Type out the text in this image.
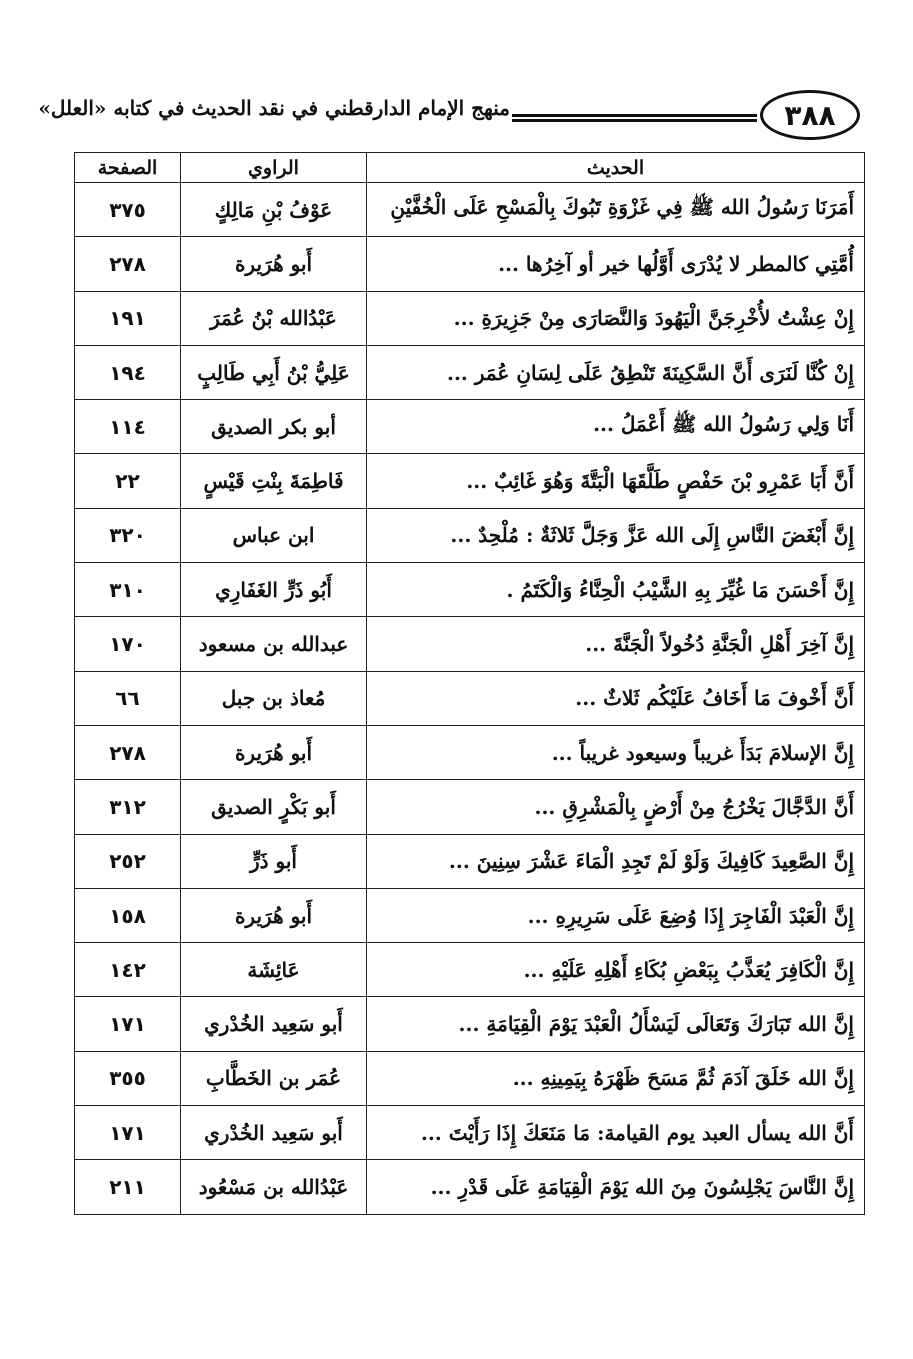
٣٨٨
منهج الإمام الدارقطني في نقد الحديث في كتابه «العلل»
الحديث	الراوي	الصفحة
أَمَرَنَا رَسُولُ الله ﷺ فِي غَزْوَةِ تَبُوكَ بِالْمَسْحِ عَلَى الْخُفَّيْنِ	عَوْفُ بْنِ مَالِكٍ	٣٧٥
أُمَّتِي كالمطر لا يُدْرَى أَوَّلُها خير أو آخِرُها ...	أَبو هُرَيرة	٢٧٨
إِنْ عِشْتُ لأُخْرِجَنَّ الْيَهُودَ وَالنَّصَارَى مِنْ جَزِيرَةِ ...	عَبْدُالله بْنُ عُمَرَ	١٩١
إِنْ كُنَّا لَنَرَى أَنَّ السَّكِينَةَ تَنْطِقُ عَلَى لِسَانِ عُمَر ...	عَلِيُّ بْنُ أَبِي طَالِبٍ	١٩٤
أَنَا وَلِي رَسُولُ الله ﷺ أَعْمَلُ ...	أبو بكر الصديق	١١٤
أَنَّ أَبَا عَمْرِو بْنَ حَفْصٍ طَلَّقَهَا الْبَتَّةَ وَهُوَ غَائِبٌ ...	فَاطِمَةَ بِنْتِ قَيْسٍ	٢٢
إِنَّ أَبْغَضَ النَّاسِ إِلَى الله عَزَّ وَجَلَّ ثَلاثَةٌ : مُلْحِدٌ ...	ابن عباس	٣٢٠
إِنَّ أَحْسَنَ مَا غُيِّرَ بِهِ الشَّيْبُ الْحِنَّاءُ وَالْكَتَمُ .	أَبُو ذَرٍّ الغَفَارِي	٣١٠
إِنَّ آخِرَ أَهْلِ الْجَنَّةِ دُخُولاً الْجَنَّةَ ...	عبدالله بن مسعود	١٧٠
أَنَّ أَخْوفَ مَا أَخَافُ عَلَيْكُم ثَلاثٌ ...	مُعاذ بن جبل	٦٦
إِنَّ الإسلامَ بَدَأَ غريباً وسيعود غريباً ...	أَبو هُرَيرة	٢٧٨
أَنَّ الدَّجَّالَ يَخْرُجُ مِنْ أَرْضٍ بِالْمَشْرِقِ ...	أَبو بَكْرٍ الصديق	٣١٢
إِنَّ الصَّعِيدَ كَافِيكَ وَلَوْ لَمْ تَجِدِ الْمَاءَ عَشْرَ سِنِينَ ...	أَبو ذَرٍّ	٢٥٢
إِنَّ الْعَبْدَ الْفَاجِرَ إِذَا وُضِعَ عَلَى سَرِيرِهِ ...	أَبو هُرَيرة	١٥٨
إِنَّ الْكَافِرَ يُعَذَّبُ بِبَعْضِ بُكَاءِ أَهْلِهِ عَلَيْهِ ...	عَائِشَة	١٤٢
إِنَّ الله تَبَارَكَ وَتَعَالَى لَيَسْأَلُ الْعَبْدَ يَوْمَ الْقِيَامَةِ ...	أَبو سَعِيد الخُدْري	١٧١
إِنَّ الله خَلَقَ آدَمَ ثُمَّ مَسَحَ ظَهْرَهُ بِيَمِينِهِ ...	عُمَر بن الخَطَّابِ	٣٥٥
أَنَّ الله يسأل العبد يوم القيامة: مَا مَنَعَكَ إِذَا رَأَيْتَ ...	أَبو سَعِيد الخُدْري	١٧١
إِنَّ النَّاسَ يَجْلِسُونَ مِنَ الله يَوْمَ الْقِيَامَةِ عَلَى قَدْرِ ...	عَبْدُالله بن مَسْعُود	٢١١
